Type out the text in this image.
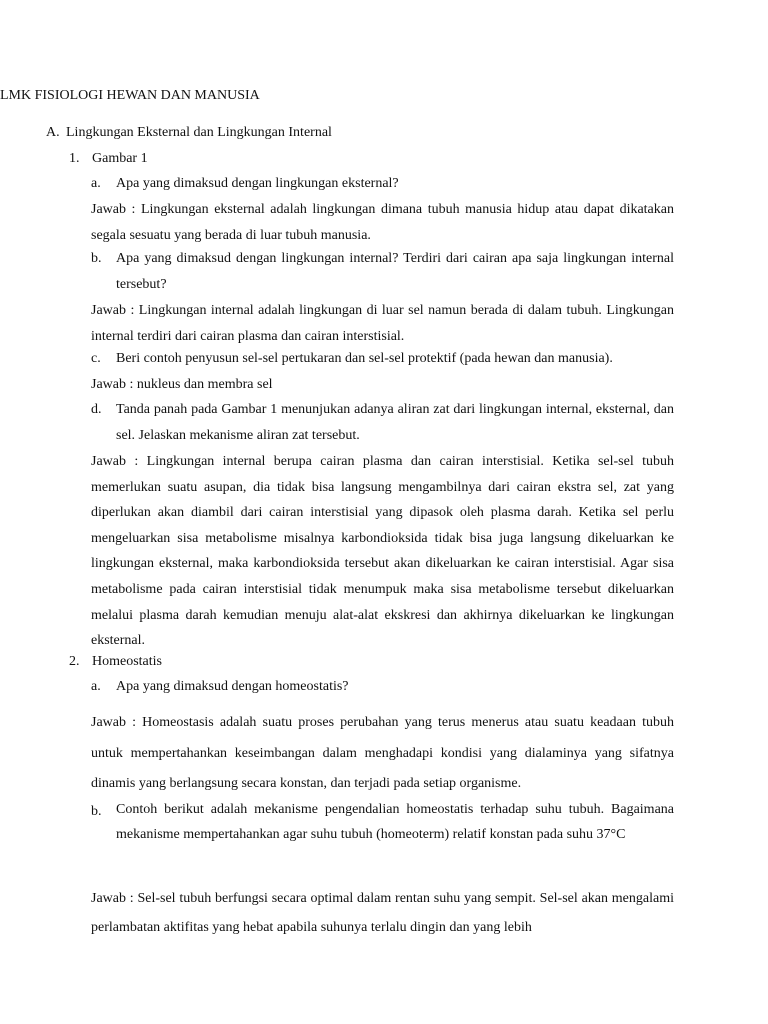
LMK FISIOLOGI HEWAN DAN MANUSIA
A. Lingkungan Eksternal dan Lingkungan Internal
1. Gambar 1
a. Apa yang dimaksud dengan lingkungan eksternal?
Jawab : Lingkungan eksternal adalah lingkungan dimana tubuh manusia hidup atau dapat dikatakan segala sesuatu yang berada di luar tubuh manusia.
b. Apa yang dimaksud dengan lingkungan internal? Terdiri dari cairan apa saja lingkungan internal tersebut?
Jawab : Lingkungan internal adalah lingkungan di luar sel namun berada di dalam tubuh. Lingkungan internal terdiri dari cairan plasma dan cairan interstisial.
c. Beri contoh penyusun sel-sel pertukaran dan sel-sel protektif (pada hewan dan manusia).
Jawab : nukleus dan membra sel
d. Tanda panah pada Gambar 1 menunjukan adanya aliran zat dari lingkungan internal, eksternal, dan sel. Jelaskan mekanisme aliran zat tersebut.
Jawab : Lingkungan internal berupa cairan plasma dan cairan interstisial. Ketika sel-sel tubuh memerlukan suatu asupan, dia tidak bisa langsung mengambilnya dari cairan ekstra sel, zat yang diperlukan akan diambil dari cairan interstisial yang dipasok oleh plasma darah. Ketika sel perlu mengeluarkan sisa metabolisme misalnya karbondioksida tidak bisa juga langsung dikeluarkan ke lingkungan eksternal, maka karbondioksida tersebut akan dikeluarkan ke cairan interstisial. Agar sisa metabolisme pada cairan interstisial tidak menumpuk maka sisa metabolisme tersebut dikeluarkan melalui plasma darah kemudian menuju alat-alat ekskresi dan akhirnya dikeluarkan ke lingkungan eksternal.
2. Homeostatis
a. Apa yang dimaksud dengan homeostatis?
Jawab : Homeostasis adalah suatu proses perubahan yang terus menerus atau suatu keadaan tubuh untuk mempertahankan keseimbangan dalam menghadapi kondisi yang dialaminya yang sifatnya dinamis yang berlangsung secara konstan, dan terjadi pada setiap organisme.
b. Contoh berikut adalah mekanisme pengendalian homeostatis terhadap suhu tubuh. Bagaimana mekanisme mempertahankan agar suhu tubuh (homeoterm) relatif konstan pada suhu 37°C
Jawab : Sel-sel tubuh berfungsi secara optimal dalam rentan suhu yang sempit. Sel-sel akan mengalami perlambatan aktifitas yang hebat apabila suhunya terlalu dingin dan yang lebih
